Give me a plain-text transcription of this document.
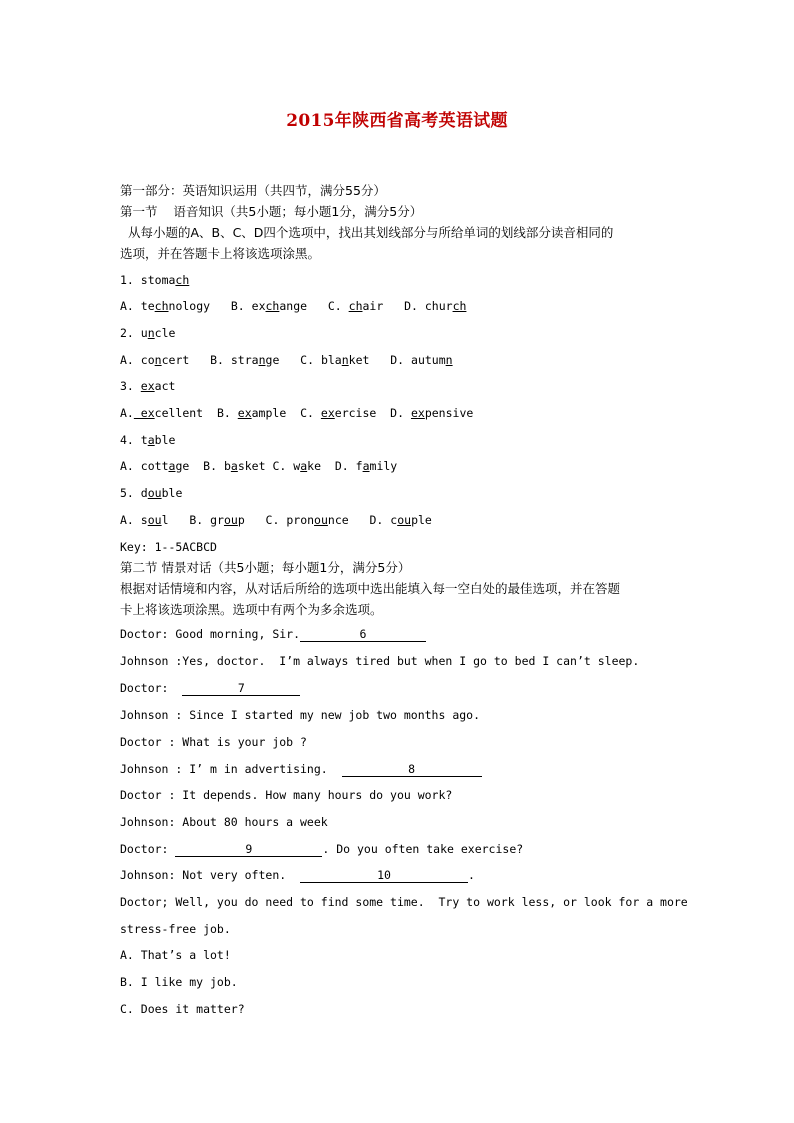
2015年陕西省高考英语试题
第一部分：英语知识运用（共四节，满分55分）
第一节    语音知识（共5小题；每小题1分，满分5分）
从每小题的A、B、C、D四个选项中，找出其划线部分与所给单词的划线部分读音相同的
选项，并在答题卡上将该选项涂黑。
1. stomach
A. technology B. exchange C. chair D. church
2. uncle
A. concert B. strange C. blanket D. autumn
3. exact
A. excellent B. example C. exercise D. expensive
4. table
A. cottage B. basket C. wake D. family
5. double
A. soul B. group C. pronounce D. couple
Key: 1--5ACBCD
第二节 情景对话（共5小题；每小题1分，满分5分）
根据对话情境和内容，从对话后所给的选项中选出能填入每一空白处的最佳选项，并在答题
卡上将该选项涂黑。选项中有两个为多余选项。
Doctor: Good morning, Sir.	6
Johnson :Yes, doctor.  I’m always tired but when I go to bed I can’t sleep.
Doctor:	7
Johnson : Since I started my new job two months ago.
Doctor : What is your job ?
Johnson : I’ m in advertising.	8
Doctor : It depends. How many hours do you work?
Johnson: About 80 hours a week
Doctor:	9	. Do you often take exercise?
Johnson: Not very often.	10	.
Doctor; Well, you do need to find some time.  Try to work less, or look for a more
stress-free job.
A. That’s a lot!
B. I like my job.
C. Does it matter?
